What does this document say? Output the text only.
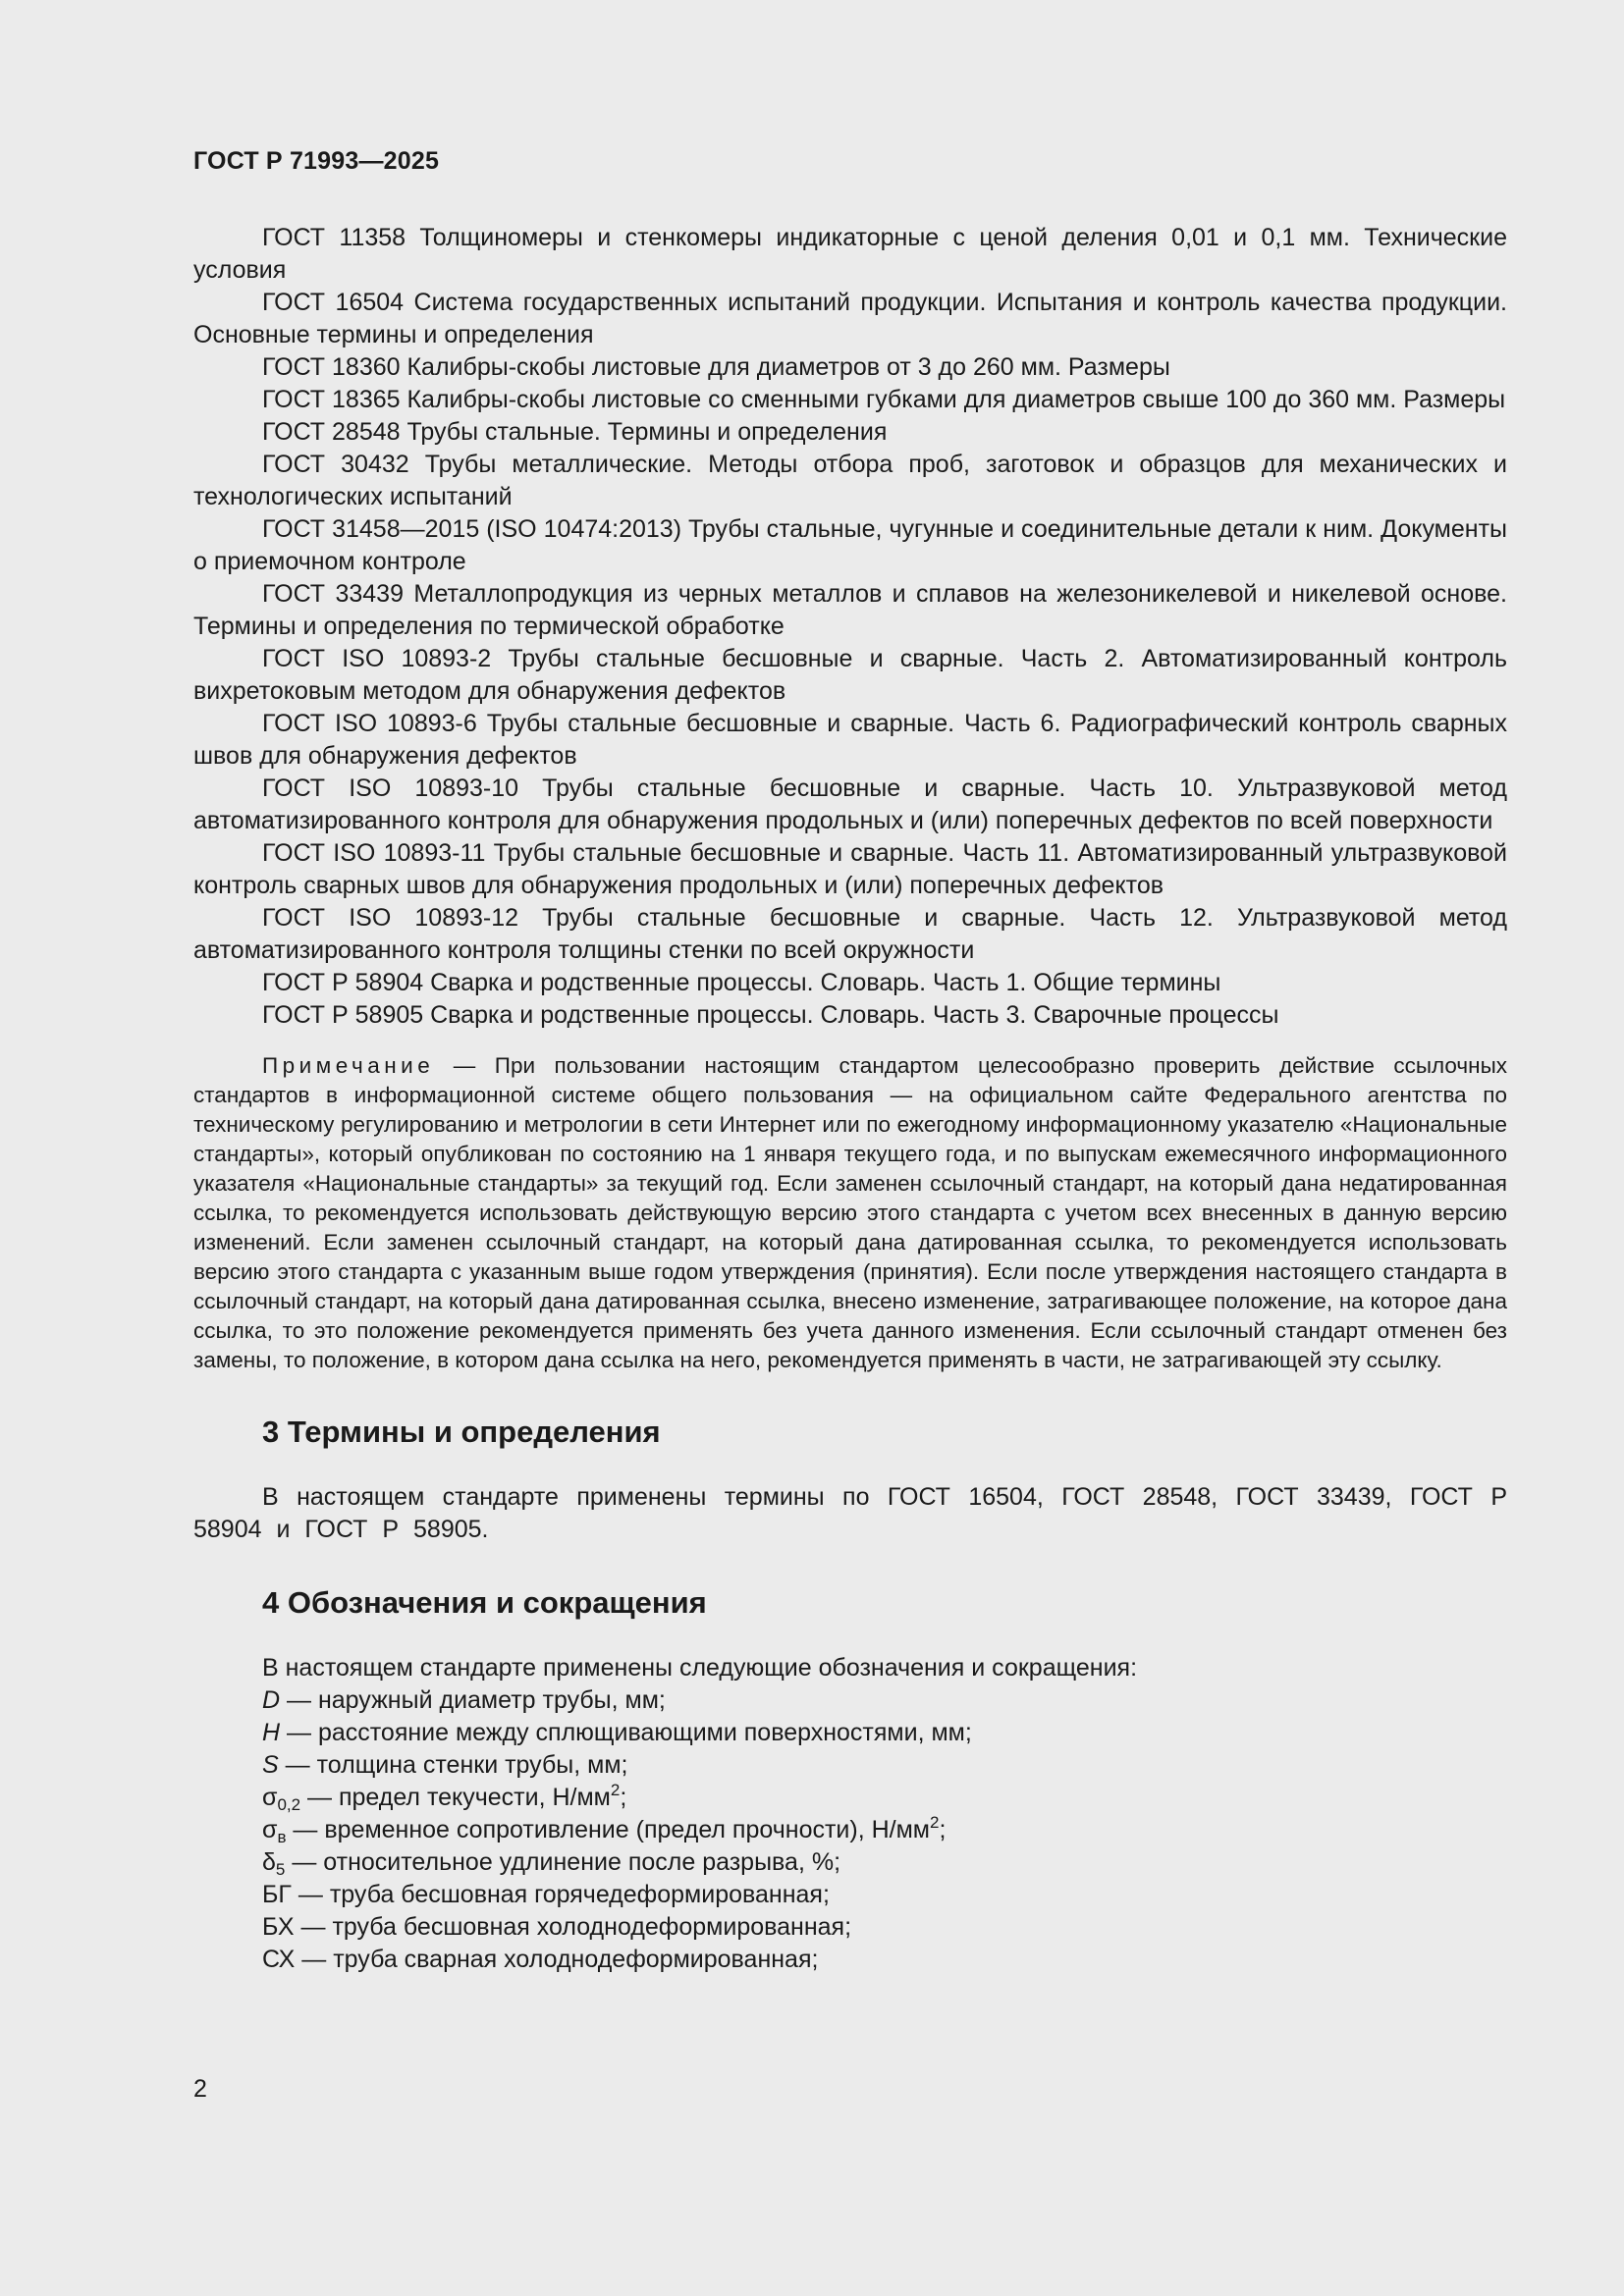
ГОСТ Р 71993—2025

ГОСТ 11358 Толщиномеры и стенкомеры индикаторные с ценой деления 0,01 и 0,1 мм. Технические условия

ГОСТ 16504 Система государственных испытаний продукции. Испытания и контроль качества продукции. Основные термины и определения

ГОСТ 18360 Калибры-скобы листовые для диаметров от 3 до 260 мм. Размеры

ГОСТ 18365 Калибры-скобы листовые со сменными губками для диаметров свыше 100 до 360 мм. Размеры

ГОСТ 28548 Трубы стальные. Термины и определения

ГОСТ 30432 Трубы металлические. Методы отбора проб, заготовок и образцов для механических и технологических испытаний

ГОСТ 31458—2015 (ISO 10474:2013) Трубы стальные, чугунные и соединительные детали к ним. Документы о приемочном контроле

ГОСТ 33439 Металлопродукция из черных металлов и сплавов на железоникелевой и никелевой основе. Термины и определения по термической обработке

ГОСТ ISO 10893-2 Трубы стальные бесшовные и сварные. Часть 2. Автоматизированный контроль вихретоковым методом для обнаружения дефектов

ГОСТ ISO 10893-6 Трубы стальные бесшовные и сварные. Часть 6. Радиографический контроль сварных швов для обнаружения дефектов

ГОСТ ISO 10893-10 Трубы стальные бесшовные и сварные. Часть 10. Ультразвуковой метод автоматизированного контроля для обнаружения продольных и (или) поперечных дефектов по всей поверхности

ГОСТ ISO 10893-11 Трубы стальные бесшовные и сварные. Часть 11. Автоматизированный ультразвуковой контроль сварных швов для обнаружения продольных и (или) поперечных дефектов

ГОСТ ISO 10893-12 Трубы стальные бесшовные и сварные. Часть 12. Ультразвуковой метод автоматизированного контроля толщины стенки по всей окружности

ГОСТ Р 58904 Сварка и родственные процессы. Словарь. Часть 1. Общие термины

ГОСТ Р 58905 Сварка и родственные процессы. Словарь. Часть 3. Сварочные процессы

Примечание — При пользовании настоящим стандартом целесообразно проверить действие ссылочных стандартов в информационной системе общего пользования — на официальном сайте Федерального агентства по техническому регулированию и метрологии в сети Интернет или по ежегодному информационному указателю «Национальные стандарты», который опубликован по состоянию на 1 января текущего года, и по выпускам ежемесячного информационного указателя «Национальные стандарты» за текущий год. Если заменен ссылочный стандарт, на который дана недатированная ссылка, то рекомендуется использовать действующую версию этого стандарта с учетом всех внесенных в данную версию изменений. Если заменен ссылочный стандарт, на который дана датированная ссылка, то рекомендуется использовать версию этого стандарта с указанным выше годом утверждения (принятия). Если после утверждения настоящего стандарта в ссылочный стандарт, на который дана датированная ссылка, внесено изменение, затрагивающее положение, на которое дана ссылка, то это положение рекомендуется применять без учета данного изменения. Если ссылочный стандарт отменен без замены, то положение, в котором дана ссылка на него, рекомендуется применять в части, не затрагивающей эту ссылку.

3 Термины и определения

В настоящем стандарте применены термины по ГОСТ 16504, ГОСТ 28548, ГОСТ 33439, ГОСТ Р 58904 и ГОСТ Р 58905.

4 Обозначения и сокращения

В настоящем стандарте применены следующие обозначения и сокращения:

D — наружный диаметр трубы, мм;
H — расстояние между сплющивающими поверхностями, мм;
S — толщина стенки трубы, мм;
$\sigma_{0,2}$ — предел текучести, $Н/мм^2$;
$\sigma_в$ — временное сопротивление (предел прочности), $Н/мм^2$;
$\delta_5$ — относительное удлинение после разрыва, %;
БГ — труба бесшовная горячедеформированная;
БХ — труба бесшовная холоднодеформированная;
СХ — труба сварная холоднодеформированная;
2
